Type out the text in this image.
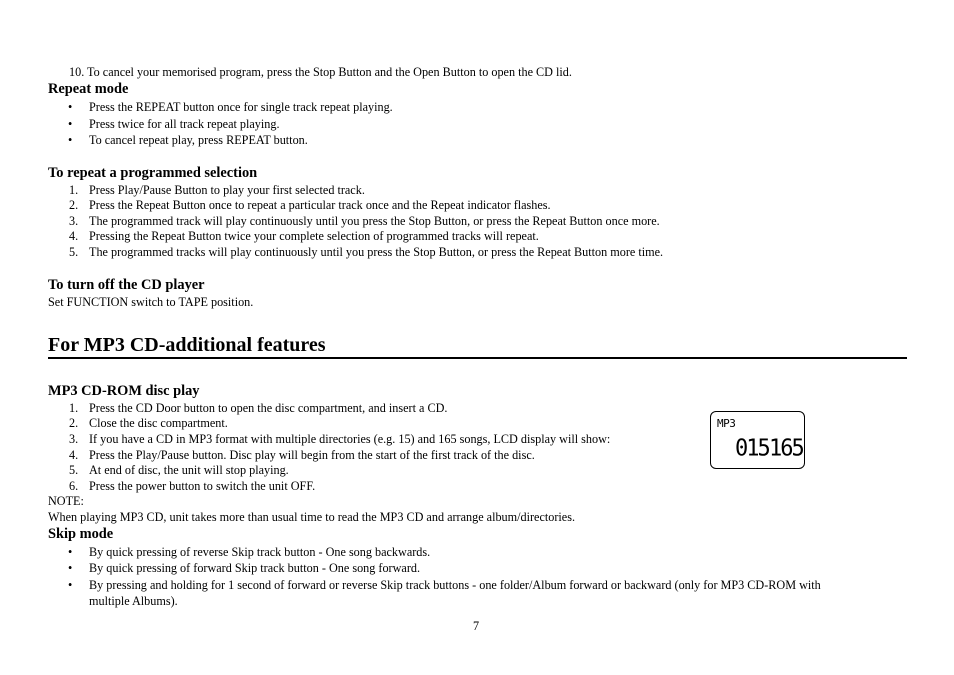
10. To cancel your memorised program, press the Stop Button and the Open Button to open the CD lid.
Repeat mode
• Press the REPEAT button once for single track repeat playing.
• Press twice for all track repeat playing.
• To cancel repeat play, press REPEAT button.
To repeat a programmed selection
1. Press Play/Pause Button to play your first selected track.
2. Press the Repeat Button once to repeat a particular track once and the Repeat indicator flashes.
3. The programmed track will play continuously until you press the Stop Button, or press the Repeat Button once more.
4. Pressing the Repeat Button twice your complete selection of programmed tracks will repeat.
5. The programmed tracks will play continuously until you press the Stop Button, or press the Repeat Button more time.
To turn off the CD player
Set FUNCTION switch to TAPE position.
For MP3 CD-additional features
MP3 CD-ROM disc play
1. Press the CD Door button to open the disc compartment, and insert a CD.
2. Close the disc compartment.
3. If you have a CD in MP3 format with multiple directories (e.g. 15) and 165 songs, LCD display will show:
4. Press the Play/Pause button. Disc play will begin from the start of the first track of the disc.
5. At end of disc, the unit will stop playing.
6. Press the power button to switch the unit OFF.
NOTE:
When playing MP3 CD, unit takes more than usual time to read the MP3 CD and arrange album/directories.
MP3
015 165
Skip mode
• By quick pressing of reverse Skip track button - One song backwards.
• By quick pressing of forward Skip track button - One song forward.
• By pressing and holding for 1 second of forward or reverse Skip track buttons - one folder/Album forward or backward (only for MP3 CD-ROM with
multiple Albums).
7
